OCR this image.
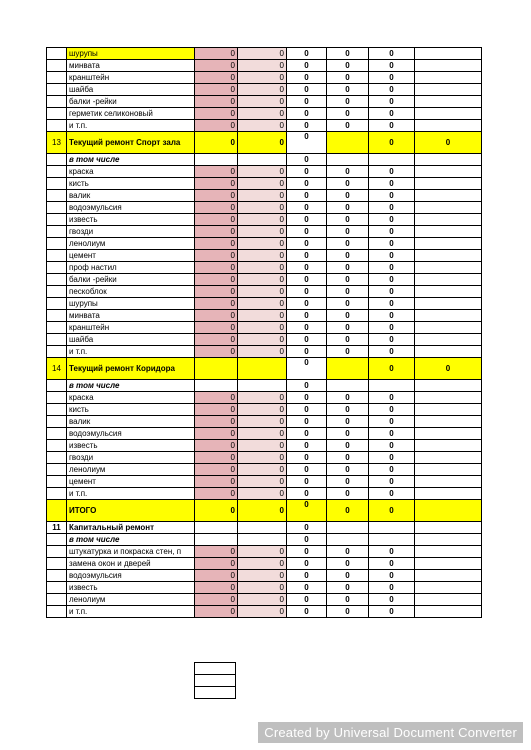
	шурупы	0	0	0	0	0	
	минвата	0	0	0	0	0	
	кранштейн	0	0	0	0	0	
	шайба	0	0	0	0	0	
	балки -рейки	0	0	0	0	0	
	герметик селиконовый	0	0	0	0	0	
	и т.п.	0	0	0	0	0	
13	Текущий ремонт Спорт зала	0	0	0		0	0
	в том числе			0			
	краска	0	0	0	0	0	
	кисть	0	0	0	0	0	
	валик	0	0	0	0	0	
	водоэмульсия	0	0	0	0	0	
	известь	0	0	0	0	0	
	гвозди	0	0	0	0	0	
	ленолиум	0	0	0	0	0	
	цемент	0	0	0	0	0	
	проф настил	0	0	0	0	0	
	балки -рейки	0	0	0	0	0	
	пескоблок	0	0	0	0	0	
	шурупы	0	0	0	0	0	
	минвата	0	0	0	0	0	
	кранштейн	0	0	0	0	0	
	шайба	0	0	0	0	0	
	и т.п.	0	0	0	0	0	
14	Текущий ремонт Коридора			0		0	0
	в том числе			0			
	краска	0	0	0	0	0	
	кисть	0	0	0	0	0	
	валик	0	0	0	0	0	
	водоэмульсия	0	0	0	0	0	
	известь	0	0	0	0	0	
	гвозди	0	0	0	0	0	
	ленолиум	0	0	0	0	0	
	цемент	0	0	0	0	0	
	и т.п.	0	0	0	0	0	
	ИТОГО	0	0	0	0	0	
11	Капитальный ремонт			0			
	в том числе			0			
	штукатурка и покраска стен, п	0	0	0	0	0	
	замена окон и дверей	0	0	0	0	0	
	водоэмульсия	0	0	0	0	0	
	известь	0	0	0	0	0	
	ленолиум	0	0	0	0	0	
	и т.п.	0	0	0	0	0	

Created by Universal Document Converter
